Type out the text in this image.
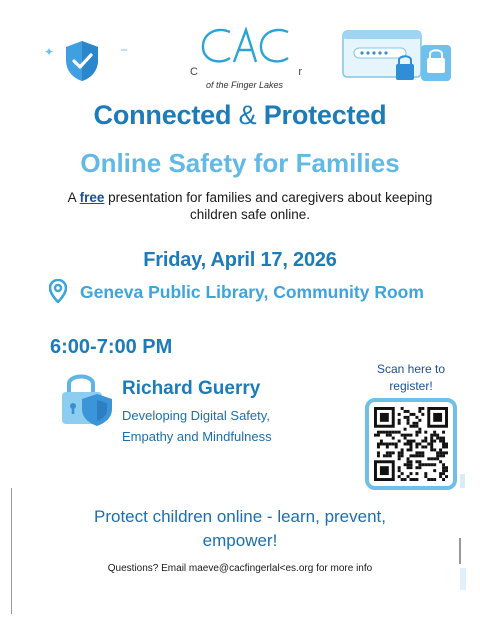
✦
C	r
of the Finger Lakes
Connected & Protected
Online Safety for Families
A free presentation for families and caregivers about keeping children safe online.
Friday, April 17, 2026
Geneva Public Library, Community Room
6:00-7:00 PM
Richard Guerry
Developing Digital Safety,
Empathy and Mindfulness
Scan here to
register!
Protect children online - learn, prevent,
empower!
Questions? Email maeve@cacfingerlal<es.org for more info
